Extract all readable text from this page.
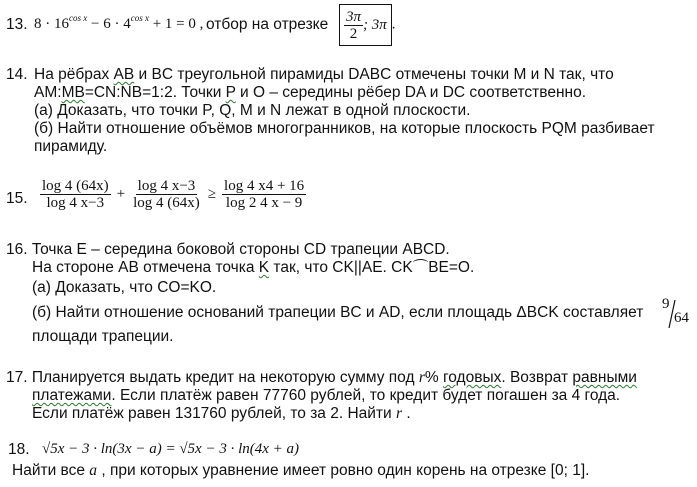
13. $8 \cdot 16^{cos x} - 6 \cdot 4^{cos x} + 1 = 0$ , отбор на отрезке $\frac{3\pi}{2}$ ; 3π .
14. На рёбрах AB и BC треугольной пирамиды DABC отмечены точки M и N так, что
AM:MB=CN:NB=1:2. Точки P и O – середины рёбер DA и DC соответственно.
(а) Доказать, что точки P, Q, M и N лежат в одной плоскости.
(б) Найти отношение объёмов многогранников, на которые плоскость PQM разбивает
пирамиду.
15. $\frac{\log 4 (64x)}{\log 4 x-3} + \frac{\log 4 x-3}{\log 4 (64x)} \ge \frac{\log 4 x4 + 16}{\log 2 4 x - 9}$
16. Точка E – середина боковой стороны CD трапеции ABCD.
На стороне AB отмечена точка K так, что CK||AE. CK⌒BE=O.
(а) Доказать, что CO=KO.
(б) Найти отношение оснований трапеции BC и AD, если площадь ΔBCK составляет 9
64
площади трапеции.
17. Планируется выдать кредит на некоторую сумму под r% годовых. Возврат равными
платежами. Если платёж равен 77760 рублей, то кредит будет погашен за 4 года.
Если платёж равен 131760 рублей, то за 2. Найти r .
18. √5x − 3 · ln(3x − a) = √5x − 3 · ln(4x + a)
Найти все a , при которых уравнение имеет ровно один корень на отрезке [0; 1].
